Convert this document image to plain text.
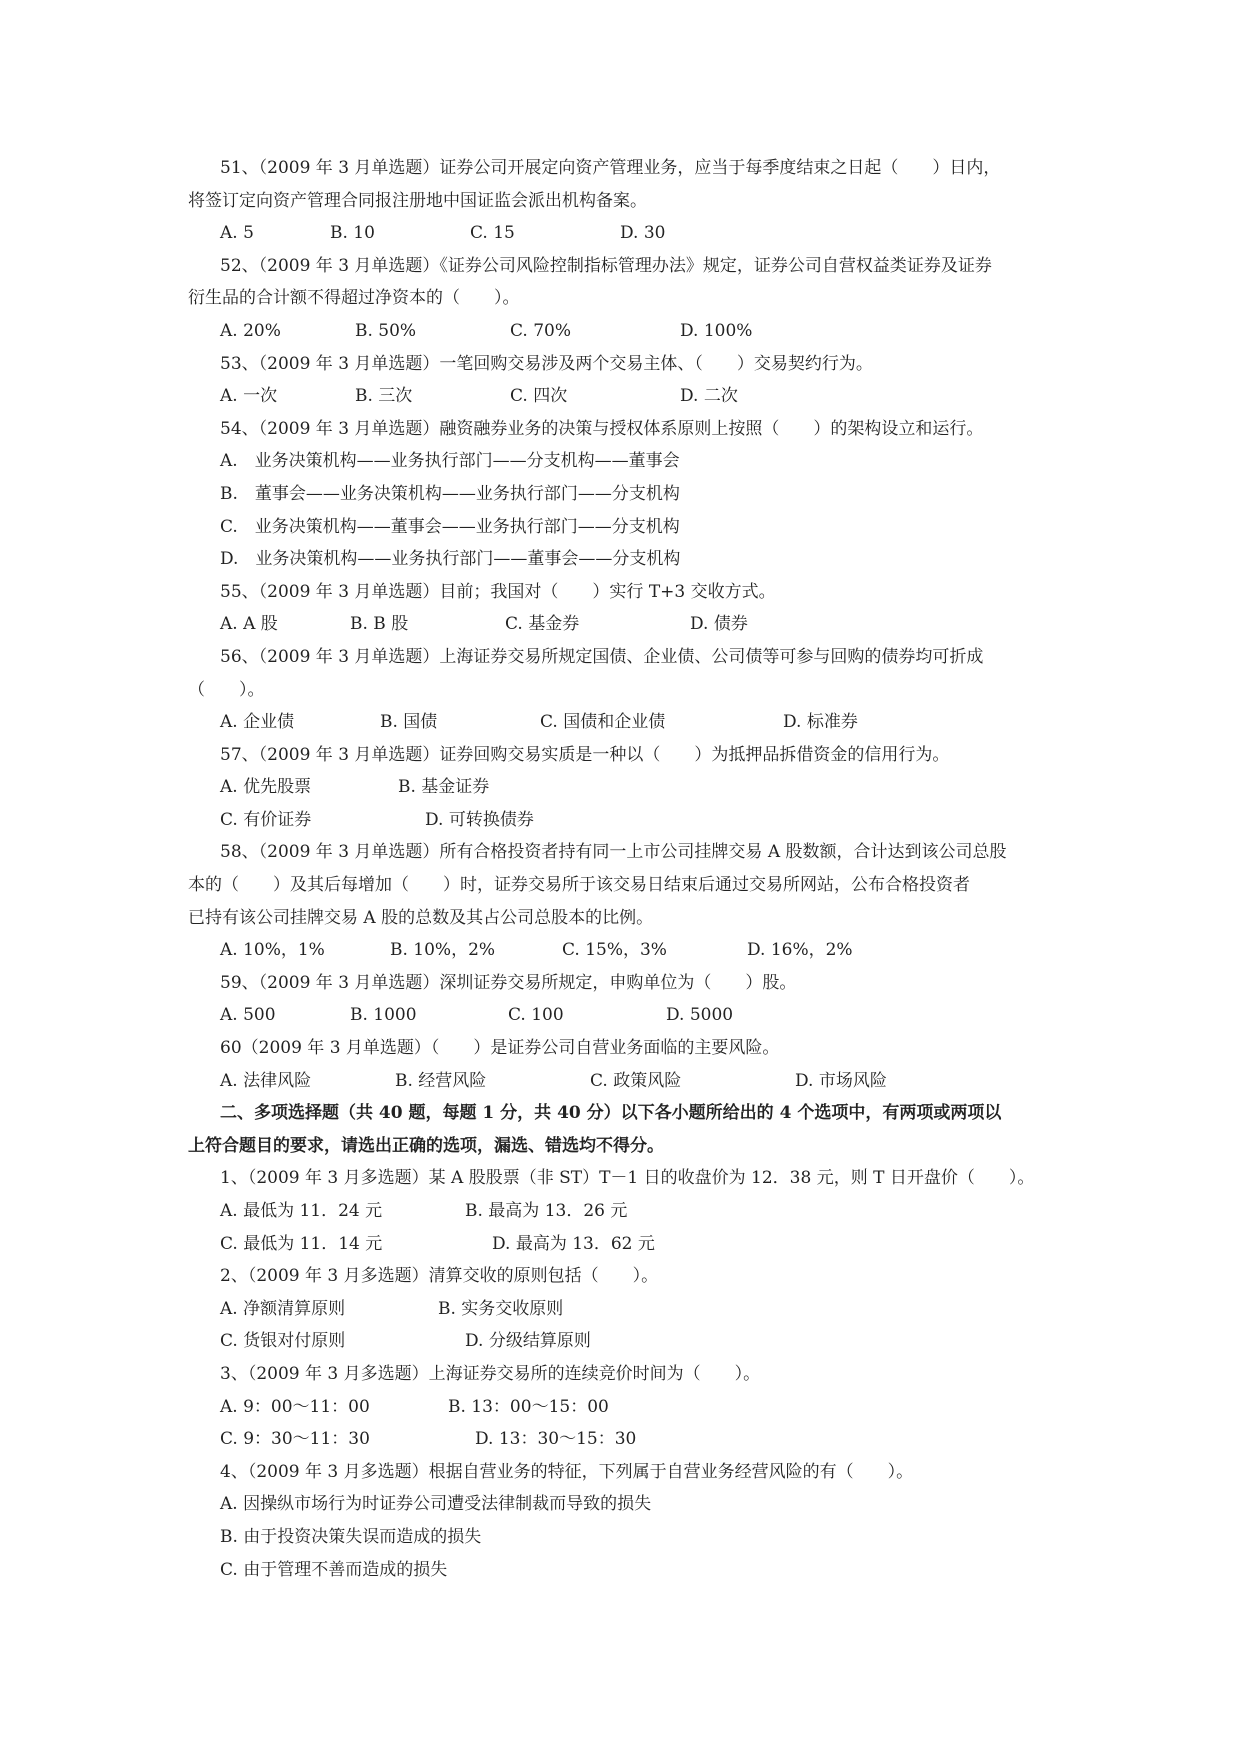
51、（2009 年 3 月单选题）证券公司开展定向资产管理业务，应当于每季度结束之日起（　　）日内，
将签订定向资产管理合同报注册地中国证监会派出机构备案。
A. 5	B. 10	C. 15	D. 30
52、（2009 年 3 月单选题）《证券公司风险控制指标管理办法》规定，证券公司自营权益类证券及证券
衍生品的合计额不得超过净资本的（　　）。
A. 20%	B. 50%	C. 70%	D. 100%
53、（2009 年 3 月单选题）一笔回购交易涉及两个交易主体、（　　）交易契约行为。
A. 一次	B. 三次	C. 四次	D. 二次
54、（2009 年 3 月单选题）融资融券业务的决策与授权体系原则上按照（　　）的架构设立和运行。
A.　业务决策机构——业务执行部门——分支机构——董事会
B.　董事会——业务决策机构——业务执行部门——分支机构
C.　业务决策机构——董事会——业务执行部门——分支机构
D.　业务决策机构——业务执行部门——董事会——分支机构
55、（2009 年 3 月单选题）目前；我国对（　　）实行 T+3 交收方式。
A. A 股	B. B 股	C. 基金券	D. 债券
56、（2009 年 3 月单选题）上海证券交易所规定国债、企业债、公司债等可参与回购的债券均可折成
（　　）。
A. 企业债	B. 国债	C. 国债和企业债	D. 标准券
57、（2009 年 3 月单选题）证券回购交易实质是一种以（　　）为抵押品拆借资金的信用行为。
A. 优先股票	B. 基金证券
C. 有价证券	D. 可转换债券
58、（2009 年 3 月单选题）所有合格投资者持有同一上市公司挂牌交易 A 股数额，合计达到该公司总股
本的（　　）及其后每增加（　　）时，证券交易所于该交易日结束后通过交易所网站，公布合格投资者
已持有该公司挂牌交易 A 股的总数及其占公司总股本的比例。
A. 10%，1%	B. 10%，2%	C. 15%，3%	D. 16%，2%
59、（2009 年 3 月单选题）深圳证券交易所规定，申购单位为（　　）股。
A. 500	B. 1000	C. 100	D. 5000
60（2009 年 3 月单选题）（　　）是证券公司自营业务面临的主要风险。
A. 法律风险	B. 经营风险	C. 政策风险	D. 市场风险
二、多项选择题（共 40 题，每题 1 分，共 40 分）以下各小题所给出的 4 个选项中，有两项或两项以
上符合题目的要求，请选出正确的选项，漏选、错选均不得分。
1、（2009 年 3 月多选题）某 A 股股票（非 ST）T－1 日的收盘价为 12．38 元，则 T 日开盘价（　　）。
A. 最低为 11．24 元	B. 最高为 13．26 元
C. 最低为 11．14 元	D. 最高为 13．62 元
2、（2009 年 3 月多选题）清算交收的原则包括（　　）。
A. 净额清算原则	B. 实务交收原则
C. 货银对付原则	D. 分级结算原则
3、（2009 年 3 月多选题）上海证券交易所的连续竞价时间为（　　）。
A. 9：00～11：00	B. 13：00～15：00
C. 9：30～11：30	D. 13：30～15：30
4、（2009 年 3 月多选题）根据自营业务的特征，下列属于自营业务经营风险的有（　　）。
A. 因操纵市场行为时证券公司遭受法律制裁而导致的损失
B. 由于投资决策失误而造成的损失
C. 由于管理不善而造成的损失
